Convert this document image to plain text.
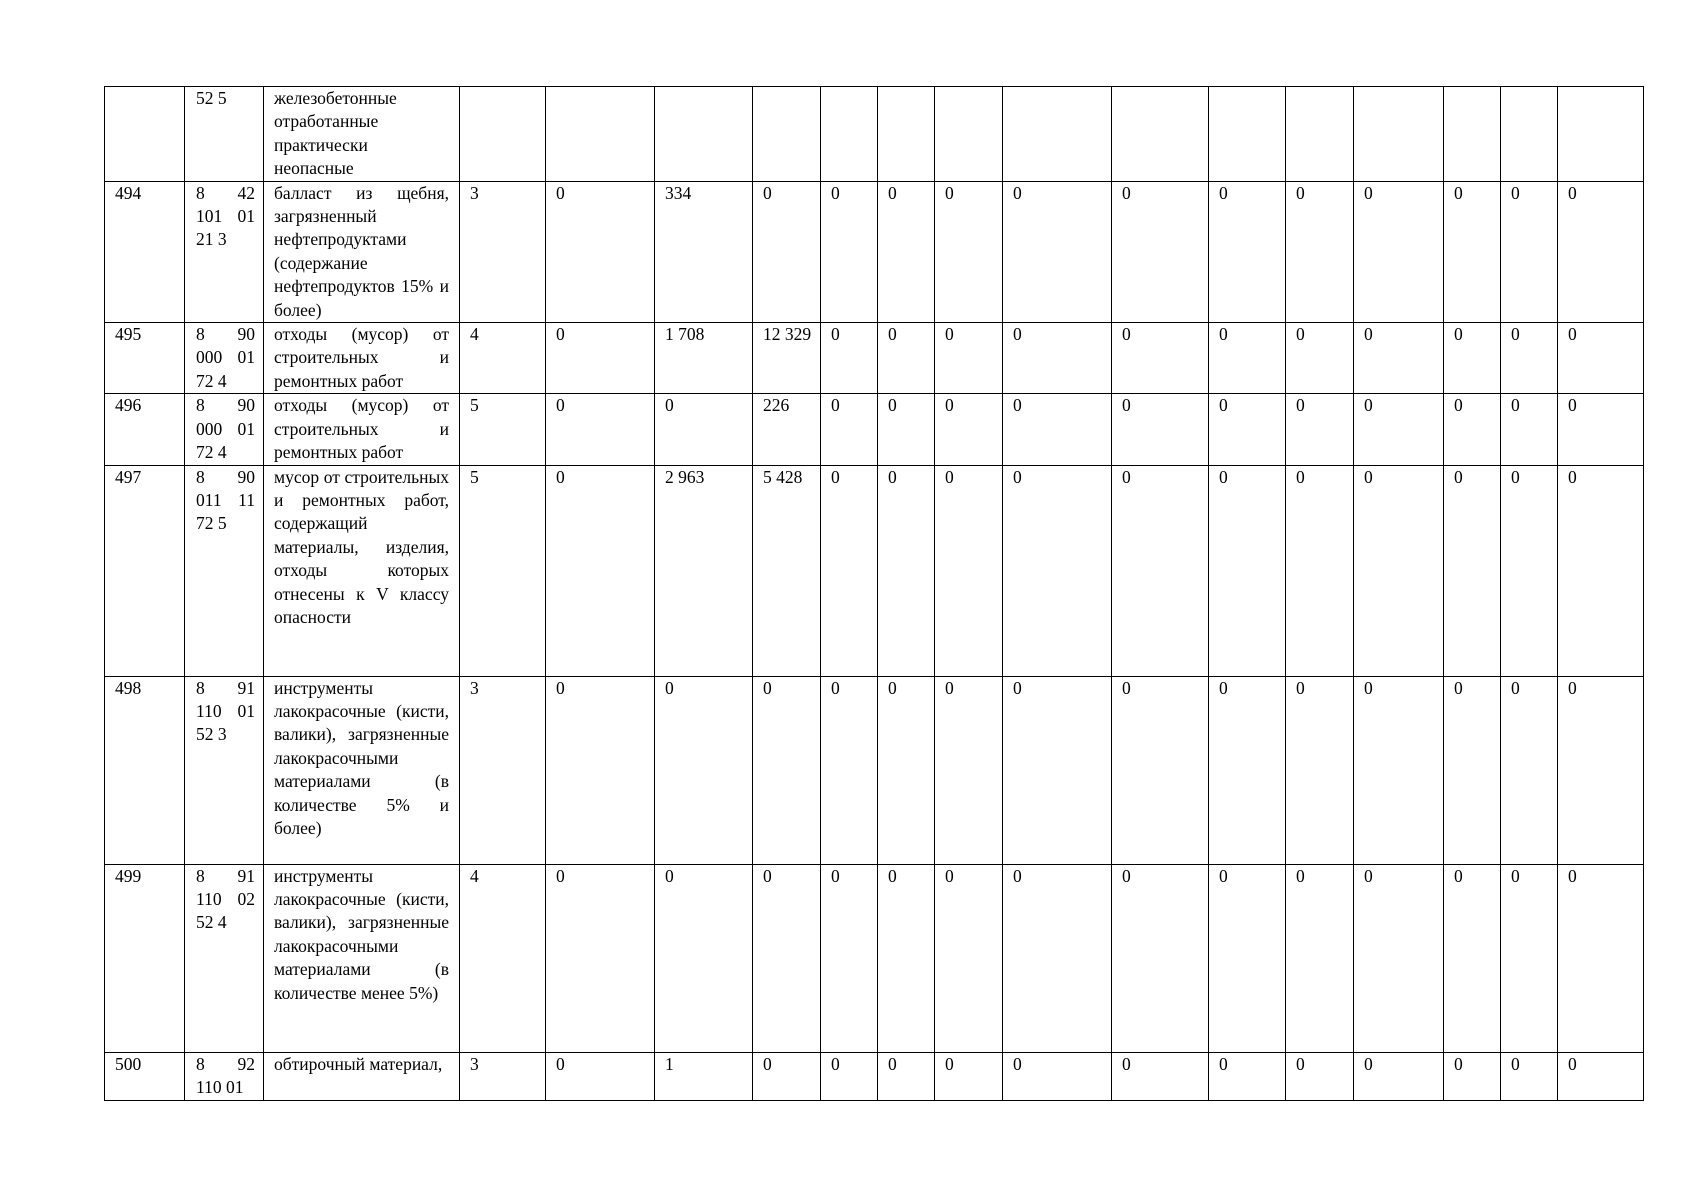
	52 5	железобетонные отработанные практически неопасные															
494	8 42 101 01 21 3	балласт из щебня, загрязненный нефтепродуктами (содержание нефтепродуктов 15% и более)	3	0	334	0	0	0	0	0	0	0	0	0	0	0	0
495	8 90 000 01 72 4	отходы (мусор) от строительных и ремонтных работ	4	0	1 708	12 329	0	0	0	0	0	0	0	0	0	0	0
496	8 90 000 01 72 4	отходы (мусор) от строительных и ремонтных работ	5	0	0	226	0	0	0	0	0	0	0	0	0	0	0
497	8 90 011 11 72 5	мусор от строительных и ремонтных работ, содержащий материалы, изделия, отходы которых отнесены к V классу опасности	5	0	2 963	5 428	0	0	0	0	0	0	0	0	0	0	0
498	8 91 110 01 52 3	инструменты лакокрасочные (кисти, валики), загрязненные лакокрасочными материалами (в количестве 5% и более)	3	0	0	0	0	0	0	0	0	0	0	0	0	0	0
499	8 91 110 02 52 4	инструменты лакокрасочные (кисти, валики), загрязненные лакокрасочными материалами (в количестве менее 5%)	4	0	0	0	0	0	0	0	0	0	0	0	0	0	0
500	8 92 110 01	обтирочный материал,	3	0	1	0	0	0	0	0	0	0	0	0	0	0	0
